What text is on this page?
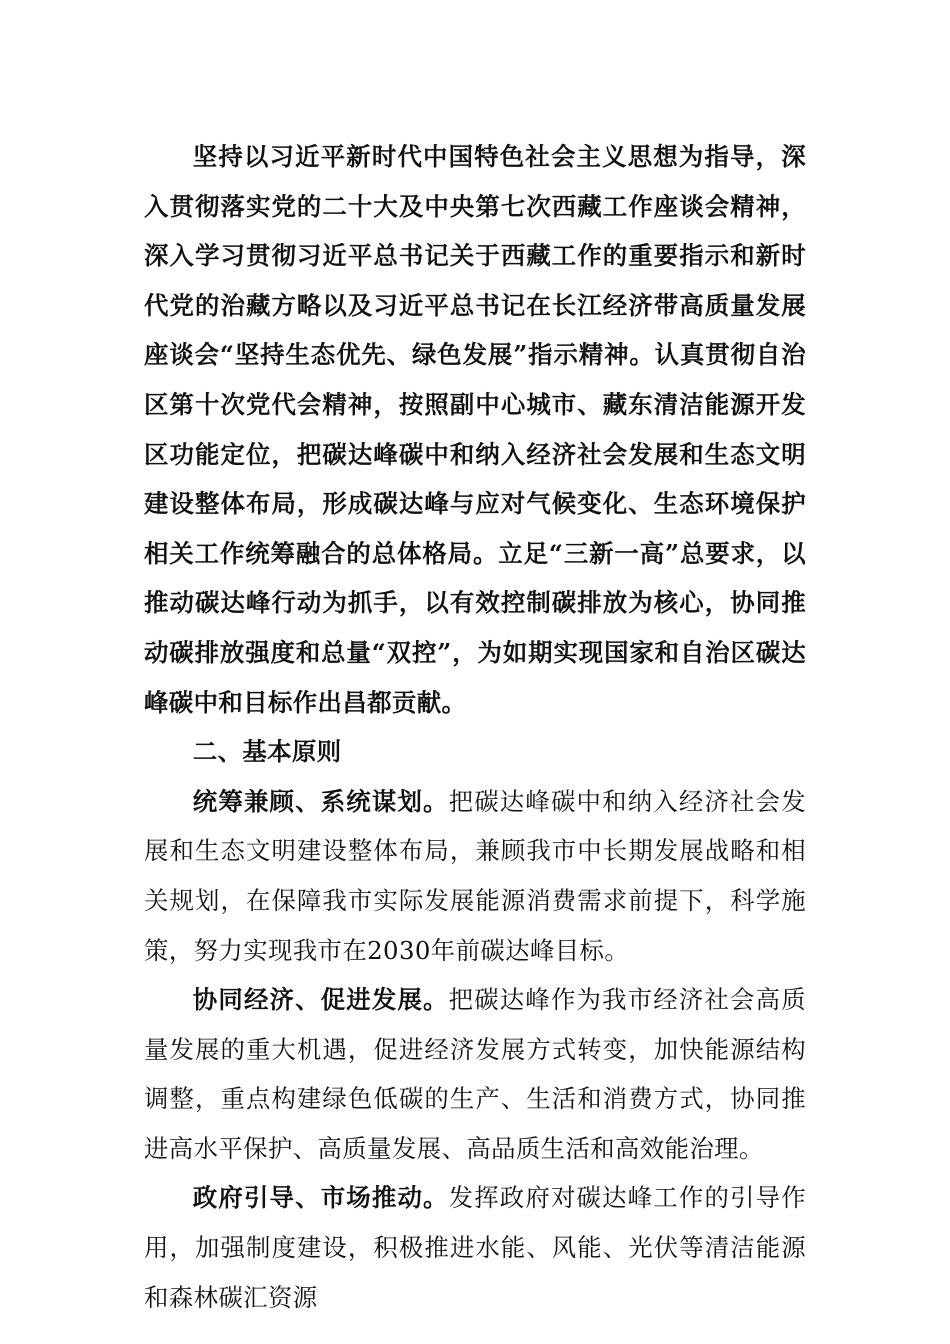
坚持以习近平新时代中国特色社会主义思想为指导，深入贯彻落实党的二十大及中央第七次西藏工作座谈会精神，深入学习贯彻习近平总书记关于西藏工作的重要指示和新时代党的治藏方略以及习近平总书记在长江经济带高质量发展座谈会“坚持生态优先、绿色发展”指示精神。认真贯彻自治区第十次党代会精神，按照副中心城市、藏东清洁能源开发区功能定位，把碳达峰碳中和纳入经济社会发展和生态文明建设整体布局，形成碳达峰与应对气候变化、生态环境保护相关工作统筹融合的总体格局。立足“三新一高”总要求，以推动碳达峰行动为抓手，以有效控制碳排放为核心，协同推动碳排放强度和总量“双控”，为如期实现国家和自治区碳达峰碳中和目标作出昌都贡献。

二、基本原则

统筹兼顾、系统谋划。把碳达峰碳中和纳入经济社会发展和生态文明建设整体布局，兼顾我市中长期发展战略和相关规划，在保障我市实际发展能源消费需求前提下，科学施策，努力实现我市在2030年前碳达峰目标。

协同经济、促进发展。把碳达峰作为我市经济社会高质量发展的重大机遇，促进经济发展方式转变，加快能源结构调整，重点构建绿色低碳的生产、生活和消费方式，协同推进高水平保护、高质量发展、高品质生活和高效能治理。

政府引导、市场推动。发挥政府对碳达峰工作的引导作用，加强制度建设，积极推进水能、风能、光伏等清洁能源和森林碳汇资源
